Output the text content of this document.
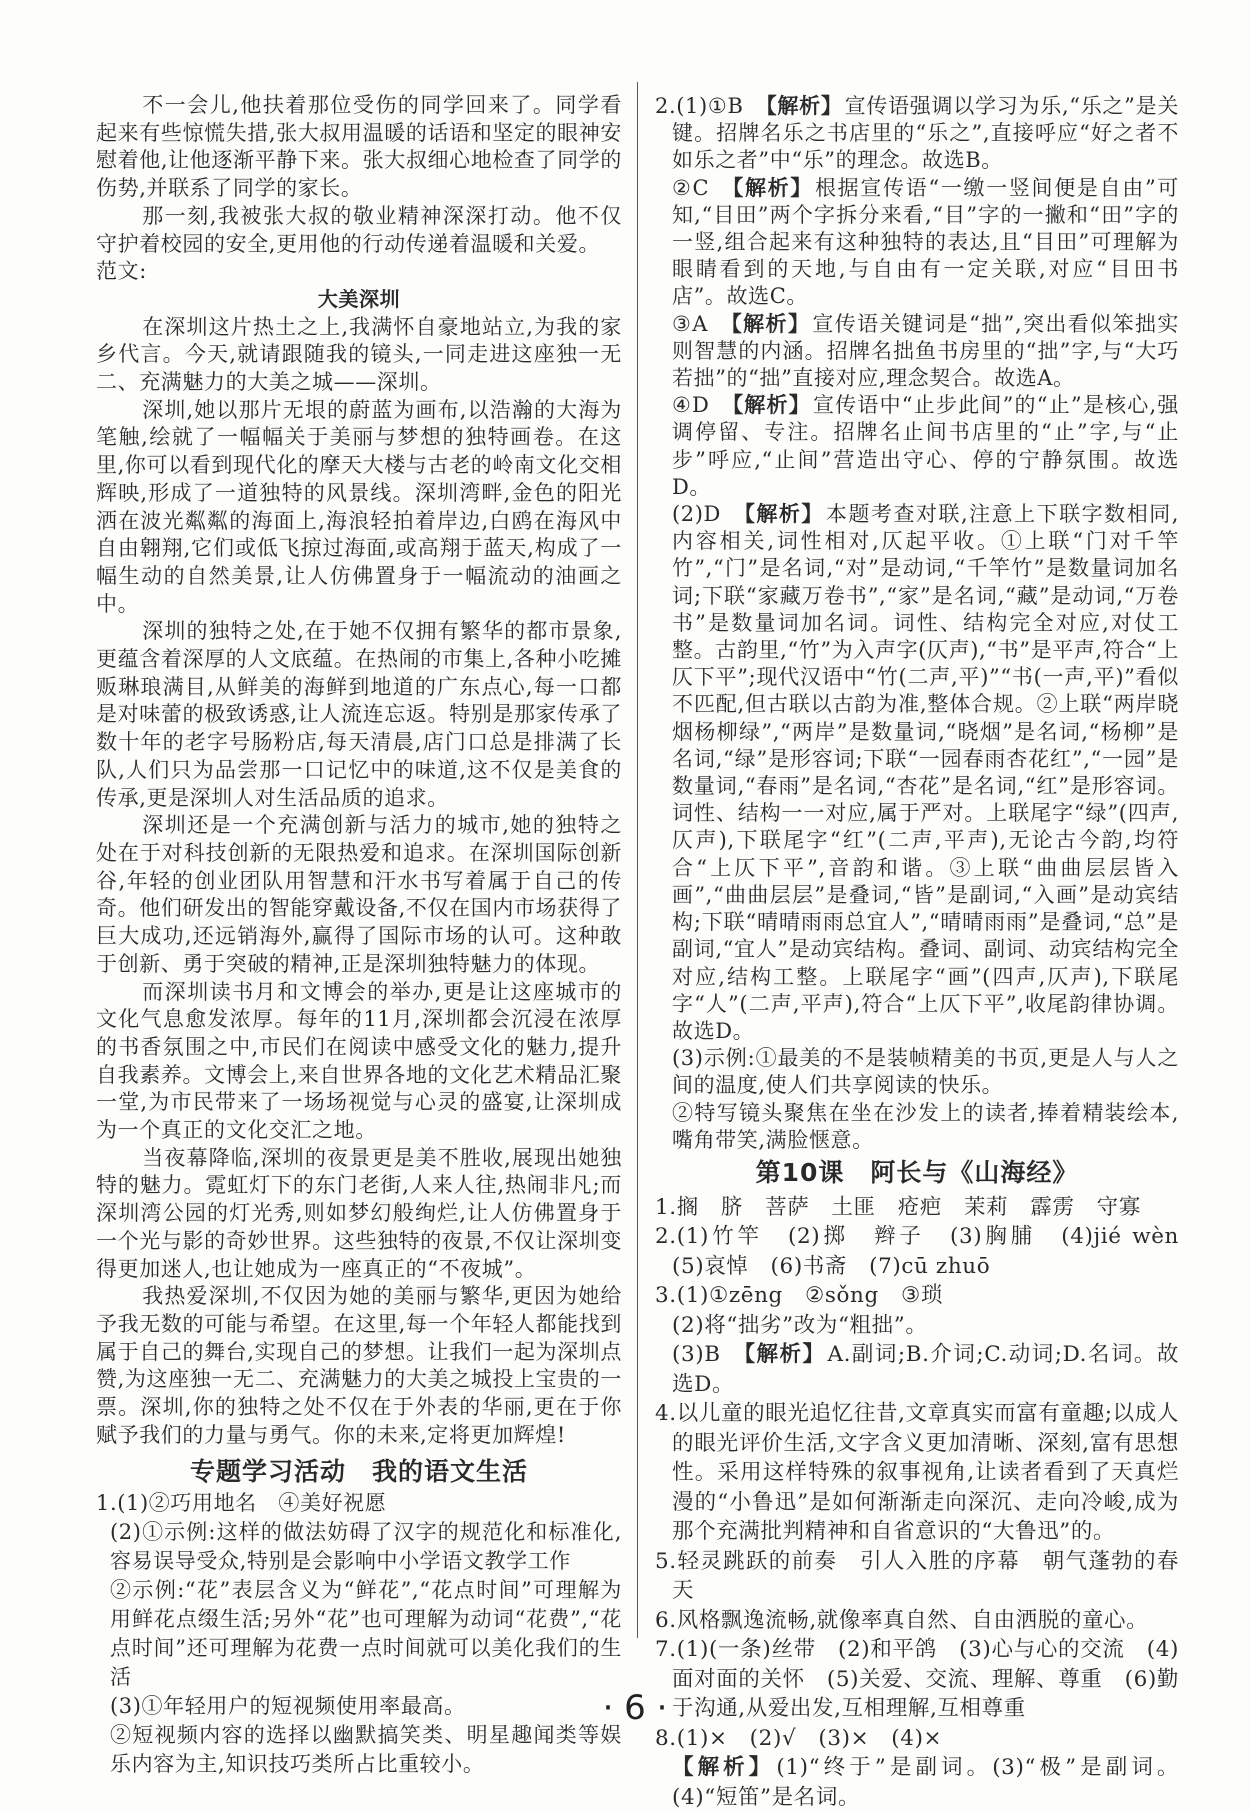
不一会儿,他扶着那位受伤的同学回来了。同学看起来有些惊慌失措,张大叔用温暖的话语和坚定的眼神安慰着他,让他逐渐平静下来。张大叔细心地检查了同学的伤势,并联系了同学的家长。

那一刻,我被张大叔的敬业精神深深打动。他不仅守护着校园的安全,更用他的行动传递着温暖和关爱。

范文:

大美深圳

在深圳这片热土之上,我满怀自豪地站立,为我的家乡代言。今天,就请跟随我的镜头,一同走进这座独一无二、充满魅力的大美之城——深圳。

深圳,她以那片无垠的蔚蓝为画布,以浩瀚的大海为笔触,绘就了一幅幅关于美丽与梦想的独特画卷。在这里,你可以看到现代化的摩天大楼与古老的岭南文化交相辉映,形成了一道独特的风景线。深圳湾畔,金色的阳光洒在波光粼粼的海面上,海浪轻拍着岸边,白鸥在海风中自由翱翔,它们或低飞掠过海面,或高翔于蓝天,构成了一幅生动的自然美景,让人仿佛置身于一幅流动的油画之中。

深圳的独特之处,在于她不仅拥有繁华的都市景象,更蕴含着深厚的人文底蕴。在热闹的市集上,各种小吃摊贩琳琅满目,从鲜美的海鲜到地道的广东点心,每一口都是对味蕾的极致诱惑,让人流连忘返。特别是那家传承了数十年的老字号肠粉店,每天清晨,店门口总是排满了长队,人们只为品尝那一口记忆中的味道,这不仅是美食的传承,更是深圳人对生活品质的追求。

深圳还是一个充满创新与活力的城市,她的独特之处在于对科技创新的无限热爱和追求。在深圳国际创新谷,年轻的创业团队用智慧和汗水书写着属于自己的传奇。他们研发出的智能穿戴设备,不仅在国内市场获得了巨大成功,还远销海外,赢得了国际市场的认可。这种敢于创新、勇于突破的精神,正是深圳独特魅力的体现。

而深圳读书月和文博会的举办,更是让这座城市的文化气息愈发浓厚。每年的11月,深圳都会沉浸在浓厚的书香氛围之中,市民们在阅读中感受文化的魅力,提升自我素养。文博会上,来自世界各地的文化艺术精品汇聚一堂,为市民带来了一场场视觉与心灵的盛宴,让深圳成为一个真正的文化交汇之地。

当夜幕降临,深圳的夜景更是美不胜收,展现出她独特的魅力。霓虹灯下的东门老街,人来人往,热闹非凡;而深圳湾公园的灯光秀,则如梦幻般绚烂,让人仿佛置身于一个光与影的奇妙世界。这些独特的夜景,不仅让深圳变得更加迷人,也让她成为一座真正的“不夜城”。

我热爱深圳,不仅因为她的美丽与繁华,更因为她给予我无数的可能与希望。在这里,每一个年轻人都能找到属于自己的舞台,实现自己的梦想。让我们一起为深圳点赞,为这座独一无二、充满魅力的大美之城投上宝贵的一票。深圳,你的独特之处不仅在于外表的华丽,更在于你赋予我们的力量与勇气。你的未来,定将更加辉煌!

专题学习活动　我的语文生活

1.(1)②巧用地名　④美好祝愿

(2)①示例:这样的做法妨碍了汉字的规范化和标准化,容易误导受众,特别是会影响中小学语文教学工作

②示例:“花”表层含义为“鲜花”,“花点时间”可理解为用鲜花点缀生活;另外“花”也可理解为动词“花费”,“花点时间”还可理解为花费一点时间就可以美化我们的生活

(3)①年轻用户的短视频使用率最高。

②短视频内容的选择以幽默搞笑类、明星趣闻类等娱乐内容为主,知识技巧类所占比重较小。

2.(1)①B 【解析】宣传语强调以学习为乐,“乐之”是关键。招牌名乐之书店里的“乐之”,直接呼应“好之者不如乐之者”中“乐”的理念。故选B。

②C 【解析】根据宣传语“一缴一竖间便是自由”可知,“目田”两个字拆分来看,“目”字的一撇和“田”字的一竖,组合起来有这种独特的表达,且“目田”可理解为眼睛看到的天地,与自由有一定关联,对应“目田书店”。故选C。

③A 【解析】宣传语关键词是“拙”,突出看似笨拙实则智慧的内涵。招牌名拙鱼书房里的“拙”字,与“大巧若拙”的“拙”直接对应,理念契合。故选A。

④D 【解析】宣传语中“止步此间”的“止”是核心,强调停留、专注。招牌名止间书店里的“止”字,与“止步”呼应,“止间”营造出守心、停的宁静氛围。故选D。

(2)D 【解析】本题考查对联,注意上下联字数相同,内容相关,词性相对,仄起平收。①上联“门对千竿竹”,“门”是名词,“对”是动词,“千竿竹”是数量词加名词;下联“家藏万卷书”,“家”是名词,“藏”是动词,“万卷书”是数量词加名词。词性、结构完全对应,对仗工整。古韵里,“竹”为入声字(仄声),“书”是平声,符合“上仄下平”;现代汉语中“竹(二声,平)”“书(一声,平)”看似不匹配,但古联以古韵为准,整体合规。②上联“两岸晓烟杨柳绿”,“两岸”是数量词,“晓烟”是名词,“杨柳”是名词,“绿”是形容词;下联“一园春雨杏花红”,“一园”是数量词,“春雨”是名词,“杏花”是名词,“红”是形容词。词性、结构一一对应,属于严对。上联尾字“绿”(四声,仄声),下联尾字“红”(二声,平声),无论古今韵,均符合“上仄下平”,音韵和谐。③上联“曲曲层层皆入画”,“曲曲层层”是叠词,“皆”是副词,“入画”是动宾结构;下联“晴晴雨雨总宜人”,“晴晴雨雨”是叠词,“总”是副词,“宜人”是动宾结构。叠词、副词、动宾结构完全对应,结构工整。上联尾字“画”(四声,仄声),下联尾字“人”(二声,平声),符合“上仄下平”,收尾韵律协调。故选D。

(3)示例:①最美的不是装帧精美的书页,更是人与人之间的温度,使人们共享阅读的快乐。

②特写镜头聚焦在坐在沙发上的读者,捧着精装绘本,嘴角带笑,满脸惬意。

第10课　阿长与《山海经》

1.搁　脐　菩萨　土匪　疮疤　茉莉　霹雳　守寡

2.(1)竹竿　(2)掷　辫子　(3)胸脯　(4)jié wèn　(5)哀悼　(6)书斋　(7)cū zhuō

3.(1)①zēng　②sǒng　③琐

(2)将“拙劣”改为“粗拙”。

(3)B 【解析】A.副词;B.介词;C.动词;D.名词。故选D。

4.以儿童的眼光追忆往昔,文章真实而富有童趣;以成人的眼光评价生活,文字含义更加清晰、深刻,富有思想性。采用这样特殊的叙事视角,让读者看到了天真烂漫的“小鲁迅”是如何渐渐走向深沉、走向冷峻,成为那个充满批判精神和自省意识的“大鲁迅”的。

5.轻灵跳跃的前奏　引人入胜的序幕　朝气蓬勃的春天

6.风格飘逸流畅,就像率真自然、自由洒脱的童心。

7.(1)(一条)丝带　(2)和平鸽　(3)心与心的交流　(4)面对面的关怀　(5)关爱、交流、理解、尊重　(6)勤于沟通,从爱出发,互相理解,互相尊重

8.(1)×　(2)√　(3)×　(4)×

【解析】(1)“终于”是副词。(3)“极”是副词。(4)“短笛”是名词。

· 6 ·
